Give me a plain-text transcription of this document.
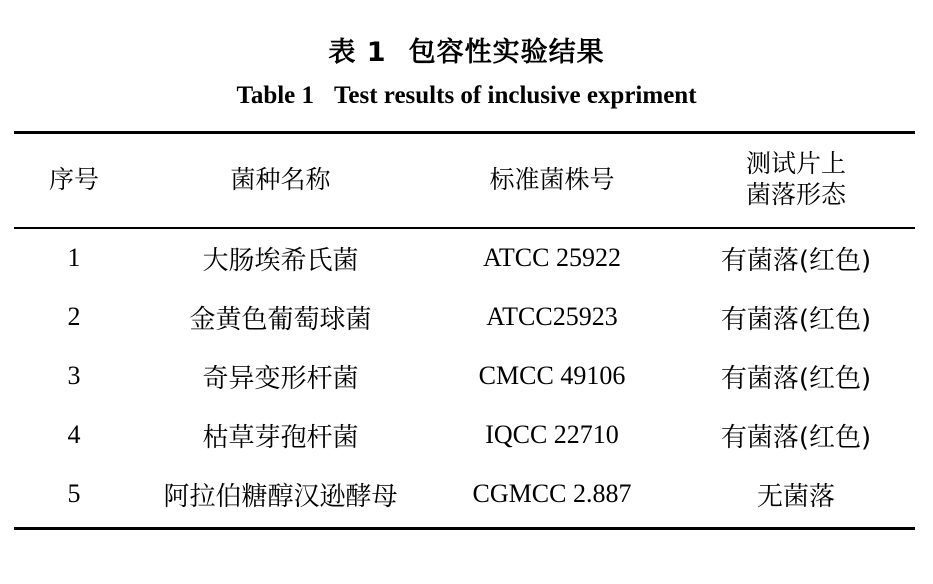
表 1 包容性实验结果
Table 1 Test results of inclusive expriment
序号	菌种名称	标准菌株号	测试片上
菌落形态

1	大肠埃希氏菌	ATCC 25922	有菌落(红色)
2	金黄色葡萄球菌	ATCC25923	有菌落(红色)
3	奇异变形杆菌	CMCC 49106	有菌落(红色)
4	枯草芽孢杆菌	IQCC 22710	有菌落(红色)
5	阿拉伯糖醇汉逊酵母	CGMCC 2.887	无菌落
